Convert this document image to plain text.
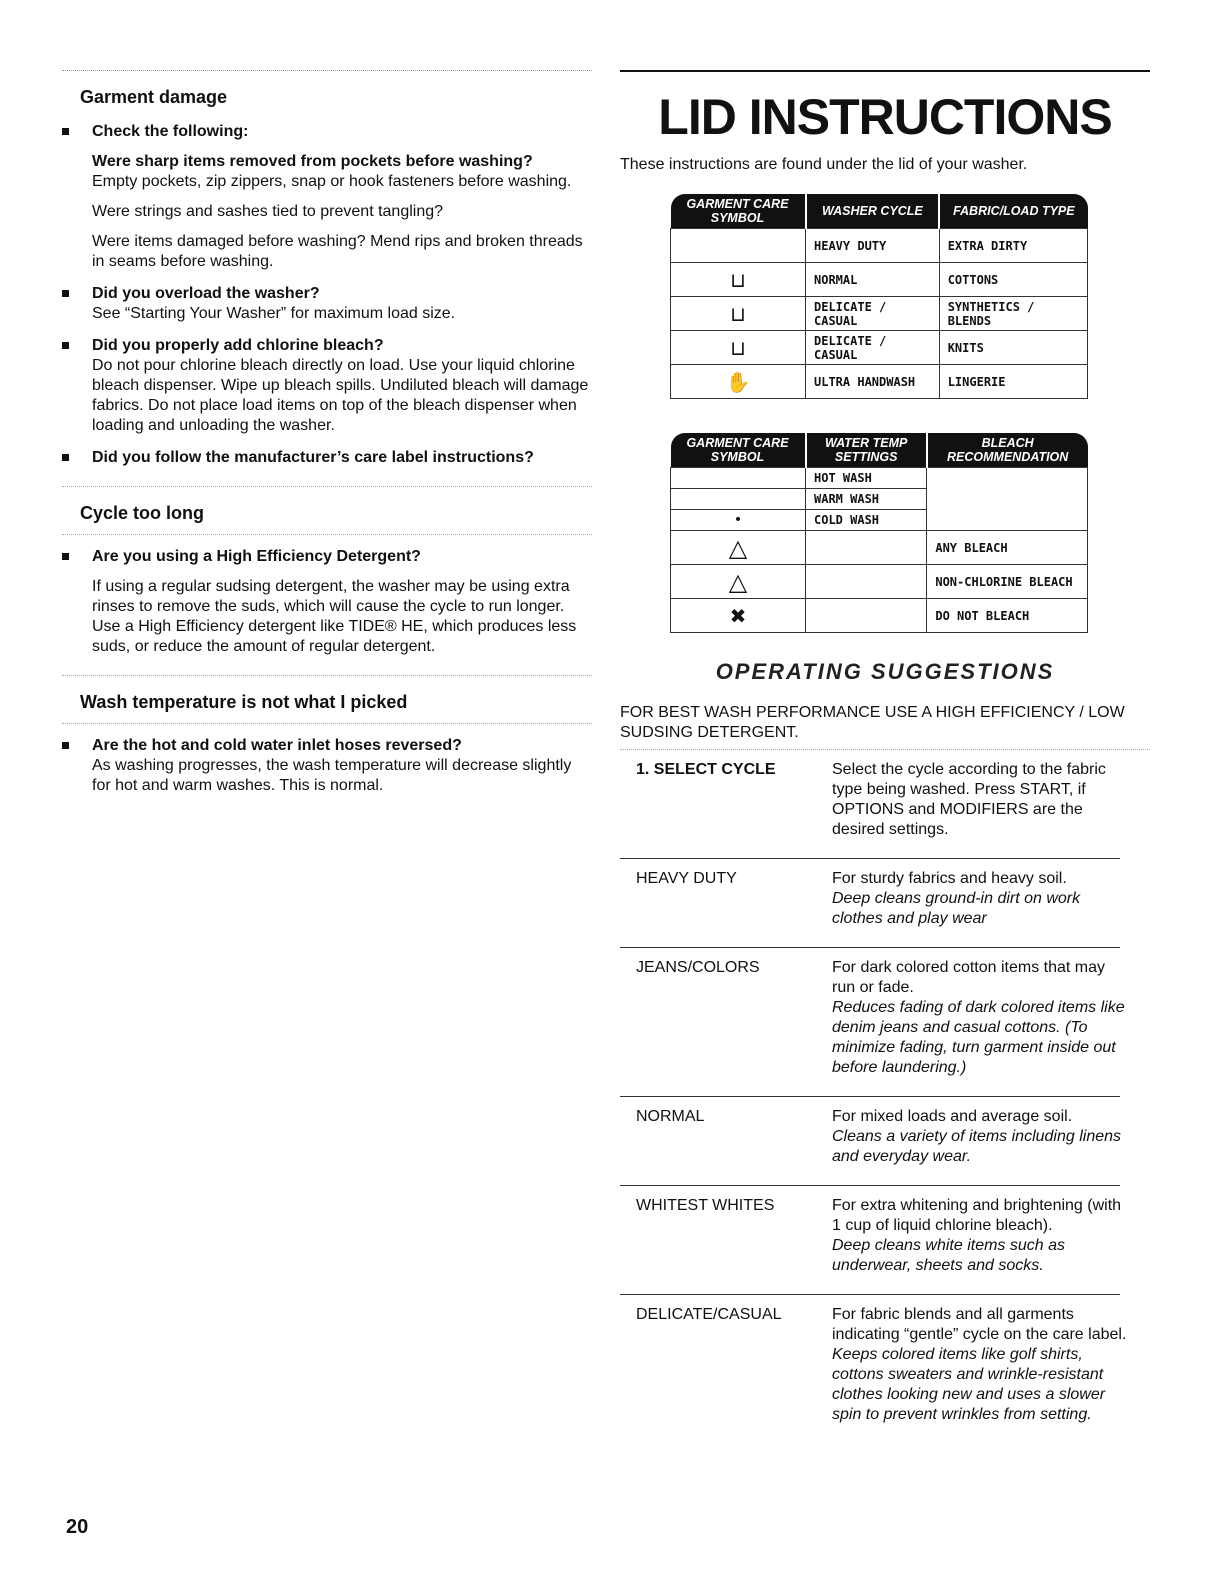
Garment damage
Check the following:
Were sharp items removed from pockets before washing?
Empty pockets, zip zippers, snap or hook fasteners before washing.
Were strings and sashes tied to prevent tangling?
Were items damaged before washing? Mend rips and broken threads in seams before washing.
Did you overload the washer?
See “Starting Your Washer” for maximum load size.
Did you properly add chlorine bleach?
Do not pour chlorine bleach directly on load. Use your liquid chlorine bleach dispenser. Wipe up bleach spills. Undiluted bleach will damage fabrics. Do not place load items on top of the bleach dispenser when loading and unloading the washer.
Did you follow the manufacturer’s care label instructions?
Cycle too long
Are you using a High Efficiency Detergent?
If using a regular sudsing detergent, the washer may be using extra rinses to remove the suds, which will cause the cycle to run longer. Use a High Efficiency detergent like TIDE® HE, which produces less suds, or reduce the amount of regular detergent.
Wash temperature is not what I picked
Are the hot and cold water inlet hoses reversed?
As washing progresses, the wash temperature will decrease slightly for hot and warm washes. This is normal.
LID INSTRUCTIONS
These instructions are found under the lid of your washer.
GARMENT CARE SYMBOL	WASHER CYCLE	FABRIC/LOAD TYPE
	HEAVY DUTY	EXTRA DIRTY
⊔	NORMAL	COTTONS
⊔	DELICATE / CASUAL	SYNTHETICS / BLENDS
⊔	DELICATE / CASUAL	KNITS
✋	ULTRA HANDWASH	LINGERIE
GARMENT CARE SYMBOL	WATER TEMP SETTINGS	BLEACH RECOMMENDATION
	HOT WASH	
	WARM WASH	
•	COLD WASH	
△		ANY BLEACH
△		NON-CHLORINE BLEACH
✖		DO NOT BLEACH
OPERATING SUGGESTIONS
FOR BEST WASH PERFORMANCE USE A HIGH EFFICIENCY / LOW SUDSING DETERGENT.
1. SELECT CYCLE	Select the cycle according to the fabric type being washed. Press START, if OPTIONS and MODIFIERS are the desired settings.
HEAVY DUTY	For sturdy fabrics and heavy soil.
Deep cleans ground-in dirt on work clothes and play wear
JEANS/COLORS	For dark colored cotton items that may run or fade.
Reduces fading of dark colored items like denim jeans and casual cottons. (To minimize fading, turn garment inside out before laundering.)
NORMAL	For mixed loads and average soil.
Cleans a variety of items including linens and everyday wear.
WHITEST WHITES	For extra whitening and brightening (with 1 cup of liquid chlorine bleach).
Deep cleans white items such as underwear, sheets and socks.
DELICATE/CASUAL	For fabric blends and all garments indicating “gentle” cycle on the care label.
Keeps colored items like golf shirts, cottons sweaters and wrinkle-resistant clothes looking new and uses a slower spin to prevent wrinkles from setting.
20
